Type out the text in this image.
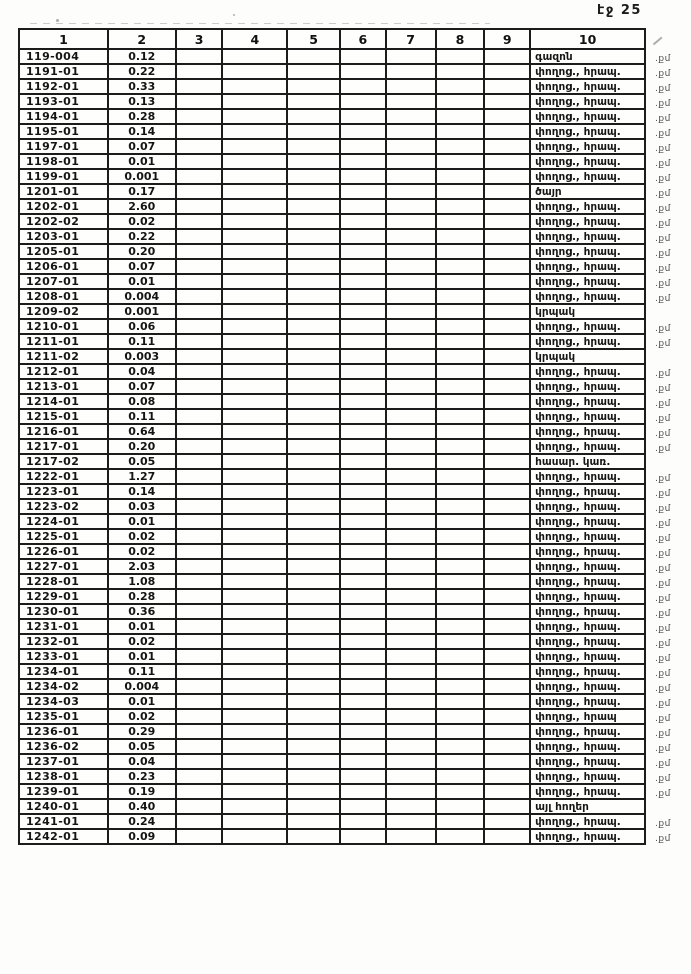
էջ 25
1	2	3	4	5	6	7	8	9	10	
119-004	0.12								գազոն	.քմ
1191-01	0.22								փողոց., հրապ.	.քմ
1192-01	0.33								փողոց., հրապ.	.քմ
1193-01	0.13								փողոց., հրապ.	.քմ
1194-01	0.28								փողոց., հրապ.	.քմ
1195-01	0.14								փողոց., հրապ.	.քմ
1197-01	0.07								փողոց., հրապ.	.քմ
1198-01	0.01								փողոց., հրապ.	.քմ
1199-01	0.001								փողոց., հրապ.	.քմ
1201-01	0.17								ծայր	.քմ
1202-01	2.60								փողոց., հրապ.	.քմ
1202-02	0.02								փողոց., հրապ.	.քմ
1203-01	0.22								փողոց., հրապ.	.քմ
1205-01	0.20								փողոց., հրապ.	.քմ
1206-01	0.07								փողոց., հրապ.	.քմ
1207-01	0.01								փողոց., հրապ.	.քմ
1208-01	0.004								փողոց., հրապ.	.քմ
1209-02	0.001								կրպակ	
1210-01	0.06								փողոց., հրապ.	.քմ
1211-01	0.11								փողոց., հրապ.	.քմ
1211-02	0.003								կրպակ	
1212-01	0.04								փողոց., հրապ.	.քմ
1213-01	0.07								փողոց., հրապ.	.քմ
1214-01	0.08								փողոց., հրապ.	.քմ
1215-01	0.11								փողոց., հրապ.	.քմ
1216-01	0.64								փողոց., հրապ.	.քմ
1217-01	0.20								փողոց., հրապ.	.քմ
1217-02	0.05								հասար. կառ.	
1222-01	1.27								փողոց., հրապ.	.քմ
1223-01	0.14								փողոց., հրապ.	.քմ
1223-02	0.03								փողոց., հրապ.	.քմ
1224-01	0.01								փողոց., հրապ.	.քմ
1225-01	0.02								փողոց., հրապ.	.քմ
1226-01	0.02								փողոց., հրապ.	.քմ
1227-01	2.03								փողոց., հրապ.	.քմ
1228-01	1.08								փողոց., հրապ.	.քմ
1229-01	0.28								փողոց., հրապ.	.քմ
1230-01	0.36								փողոց., հրապ.	.քմ
1231-01	0.01								փողոց., հրապ.	.քմ
1232-01	0.02								փողոց., հրապ.	.քմ
1233-01	0.01								փողոց., հրապ.	.քմ
1234-01	0.11								փողոց., հրապ.	.քմ
1234-02	0.004								փողոց., հրապ.	.քմ
1234-03	0.01								փողոց., հրապ.	.քմ
1235-01	0.02								փողոց., հրապ	.քմ
1236-01	0.29								փողոց., հրապ.	.քմ
1236-02	0.05								փողոց., հրապ.	.քմ
1237-01	0.04								փողոց., հրապ.	.քմ
1238-01	0.23								փողոց., հրապ.	.քմ
1239-01	0.19								փողոց., հրապ.	.քմ
1240-01	0.40								այլ հողեր	
1241-01	0.24								փողոց., հրապ.	.քմ
1242-01	0.09								փողոց., հրապ.	.քմ
